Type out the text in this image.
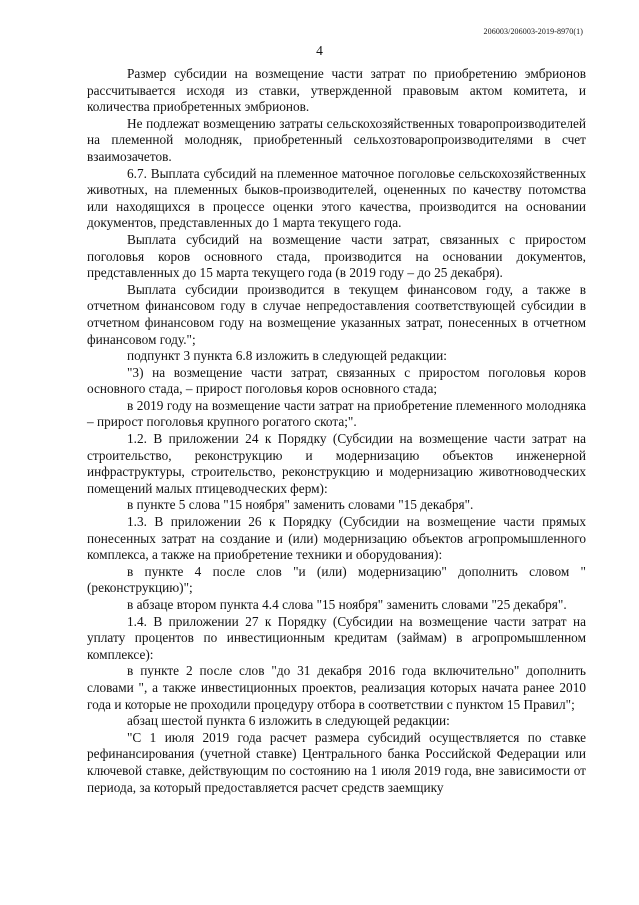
206003/206003-2019-8970(1)
4

Размер субсидии на возмещение части затрат по приобретению эмбрионов рассчитывается исходя из ставки, утвержденной правовым актом комитета, и количества приобретенных эмбрионов.

Не подлежат возмещению затраты сельскохозяйственных товаропроизводителей на племенной молодняк, приобретенный сельхозтоваропроизводителями в счет взаимозачетов.

6.7. Выплата субсидий на племенное маточное поголовье сельскохозяйственных животных, на племенных быков-производителей, оцененных по качеству потомства или находящихся в процессе оценки этого качества, производится на основании документов, представленных до 1 марта текущего года.

Выплата субсидий на возмещение части затрат, связанных с приростом поголовья коров основного стада, производится на основании документов, представленных до 15 марта текущего года (в 2019 году – до 25 декабря).

Выплата субсидии производится в текущем финансовом году, а также в отчетном финансовом году в случае непредоставления соответствующей субсидии в отчетном финансовом году на возмещение указанных затрат, понесенных в отчетном финансовом году.";

подпункт 3 пункта 6.8 изложить в следующей редакции:

"3) на возмещение части затрат, связанных с приростом поголовья коров основного стада, – прирост поголовья коров основного стада;

в 2019 году на возмещение части затрат на приобретение племенного молодняка – прирост поголовья крупного рогатого скота;".

1.2. В приложении 24 к Порядку (Субсидии на возмещение части затрат на строительство, реконструкцию и модернизацию объектов инженерной инфраструктуры, строительство, реконструкцию и модернизацию животноводческих помещений малых птицеводческих ферм):

в пункте 5 слова "15 ноября" заменить словами "15 декабря".

1.3. В приложении 26 к Порядку (Субсидии на возмещение части прямых понесенных затрат на создание и (или) модернизацию объектов агропромышленного комплекса, а также на приобретение техники и оборудования):

в пункте 4 после слов "и (или) модернизацию" дополнить словом "(реконструкцию)";

в абзаце втором пункта 4.4 слова "15 ноября" заменить словами "25 декабря".

1.4. В приложении 27 к Порядку (Субсидии на возмещение части затрат на уплату процентов по инвестиционным кредитам (займам) в агропромышленном комплексе):

в пункте 2 после слов "до 31 декабря 2016 года включительно" дополнить словами ", а также инвестиционных проектов, реализация которых начата ранее 2010 года и которые не проходили процедуру отбора в соответствии с пунктом 15 Правил";

абзац шестой пункта 6 изложить в следующей редакции:

"С 1 июля 2019 года расчет размера субсидий осуществляется по ставке рефинансирования (учетной ставке) Центрального банка Российской Федерации или ключевой ставке, действующим по состоянию на 1 июля 2019 года, вне зависимости от периода, за который предоставляется расчет средств заемщику
